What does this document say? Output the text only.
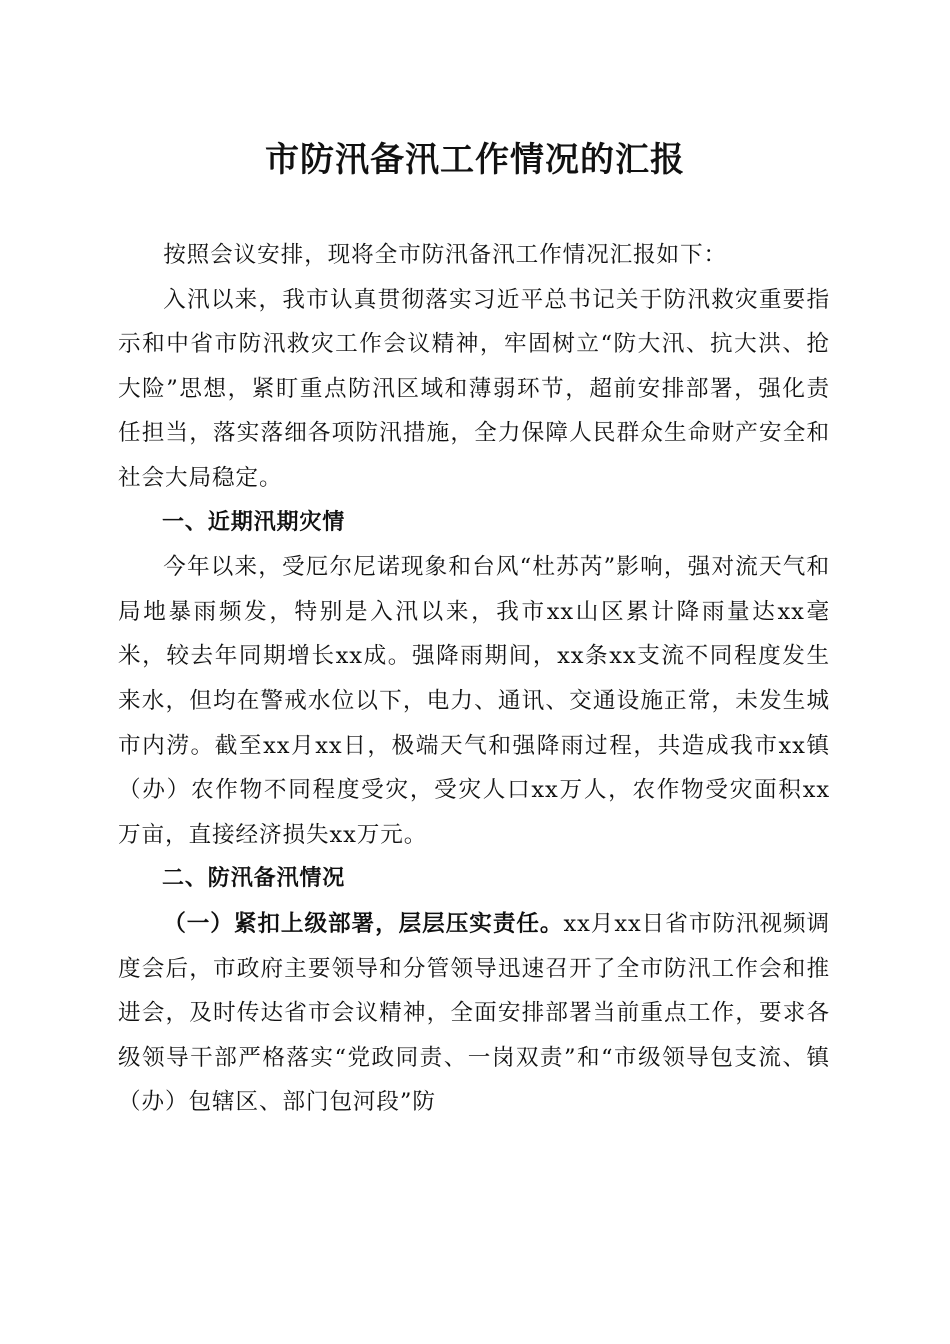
市防汛备汛工作情况的汇报

按照会议安排，现将全市防汛备汛工作情况汇报如下：

入汛以来，我市认真贯彻落实习近平总书记关于防汛救灾重要指示和中省市防汛救灾工作会议精神，牢固树立“防大汛、抗大洪、抢大险”思想，紧盯重点防汛区域和薄弱环节，超前安排部署，强化责任担当，落实落细各项防汛措施，全力保障人民群众生命财产安全和社会大局稳定。

一、近期汛期灾情

今年以来，受厄尔尼诺现象和台风“杜苏芮”影响，强对流天气和局地暴雨频发，特别是入汛以来，我市xx山区累计降雨量达xx毫米，较去年同期增长xx成。强降雨期间，xx条xx支流不同程度发生来水，但均在警戒水位以下，电力、通讯、交通设施正常，未发生城市内涝。截至xx月xx日，极端天气和强降雨过程，共造成我市xx镇（办）农作物不同程度受灾，受灾人口xx万人，农作物受灾面积xx万亩，直接经济损失xx万元。

二、防汛备汛情况

（一）紧扣上级部署，层层压实责任。xx月xx日省市防汛视频调度会后，市政府主要领导和分管领导迅速召开了全市防汛工作会和推进会，及时传达省市会议精神，全面安排部署当前重点工作，要求各级领导干部严格落实“党政同责、一岗双责”和“市级领导包支流、镇（办）包辖区、部门包河段”防
